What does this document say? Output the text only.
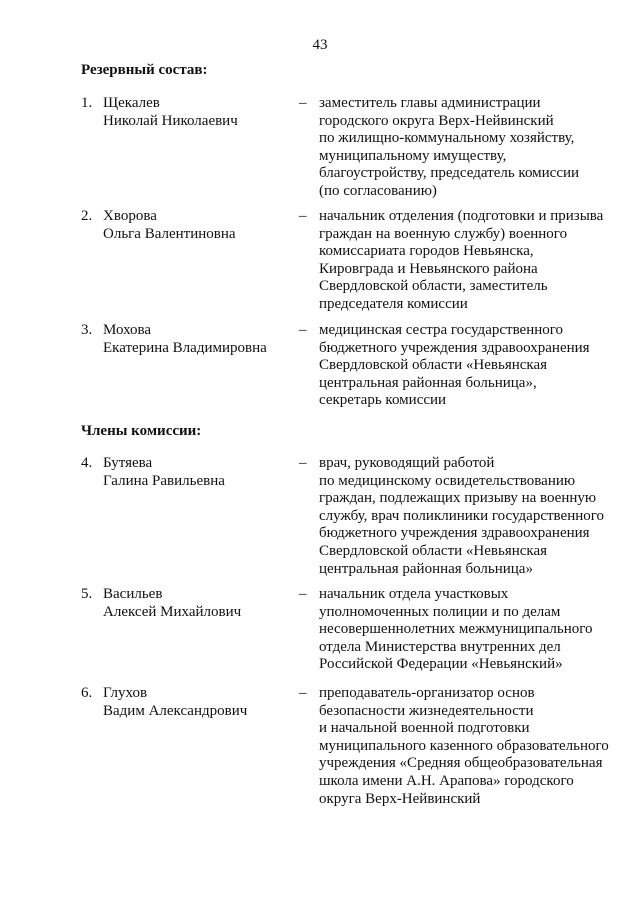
43
Резервный состав:
1. Щекалев
Николай Николаевич
– заместитель главы администрации
городского округа Верх-Нейвинский
по жилищно-коммунальному хозяйству,
муниципальному имуществу,
благоустройству, председатель комиссии
(по согласованию)
2. Хворова
Ольга Валентиновна
– начальник отделения (подготовки и призыва
граждан на военную службу) военного
комиссариата городов Невьянска,
Кировграда и Невьянского района
Свердловской области, заместитель
председателя комиссии
3. Мохова
Екатерина Владимировна
– медицинская сестра государственного
бюджетного учреждения здравоохранения
Свердловской области «Невьянская
центральная районная больница»,
секретарь комиссии
Члены комиссии:
4. Бутяева
Галина Равильевна
– врач, руководящий работой
по медицинскому освидетельствованию
граждан, подлежащих призыву на военную
службу, врач поликлиники государственного
бюджетного учреждения здравоохранения
Свердловской области «Невьянская
центральная районная больница»
5. Васильев
Алексей Михайлович
– начальник отдела участковых
уполномоченных полиции и по делам
несовершеннолетних межмуниципального
отдела Министерства внутренних дел
Российской Федерации «Невьянский»
6. Глухов
Вадим Александрович
– преподаватель-организатор основ
безопасности жизнедеятельности
и начальной военной подготовки
муниципального казенного образовательного
учреждения «Средняя общеобразовательная
школа имени А.Н. Арапова» городского
округа Верх-Нейвинский
